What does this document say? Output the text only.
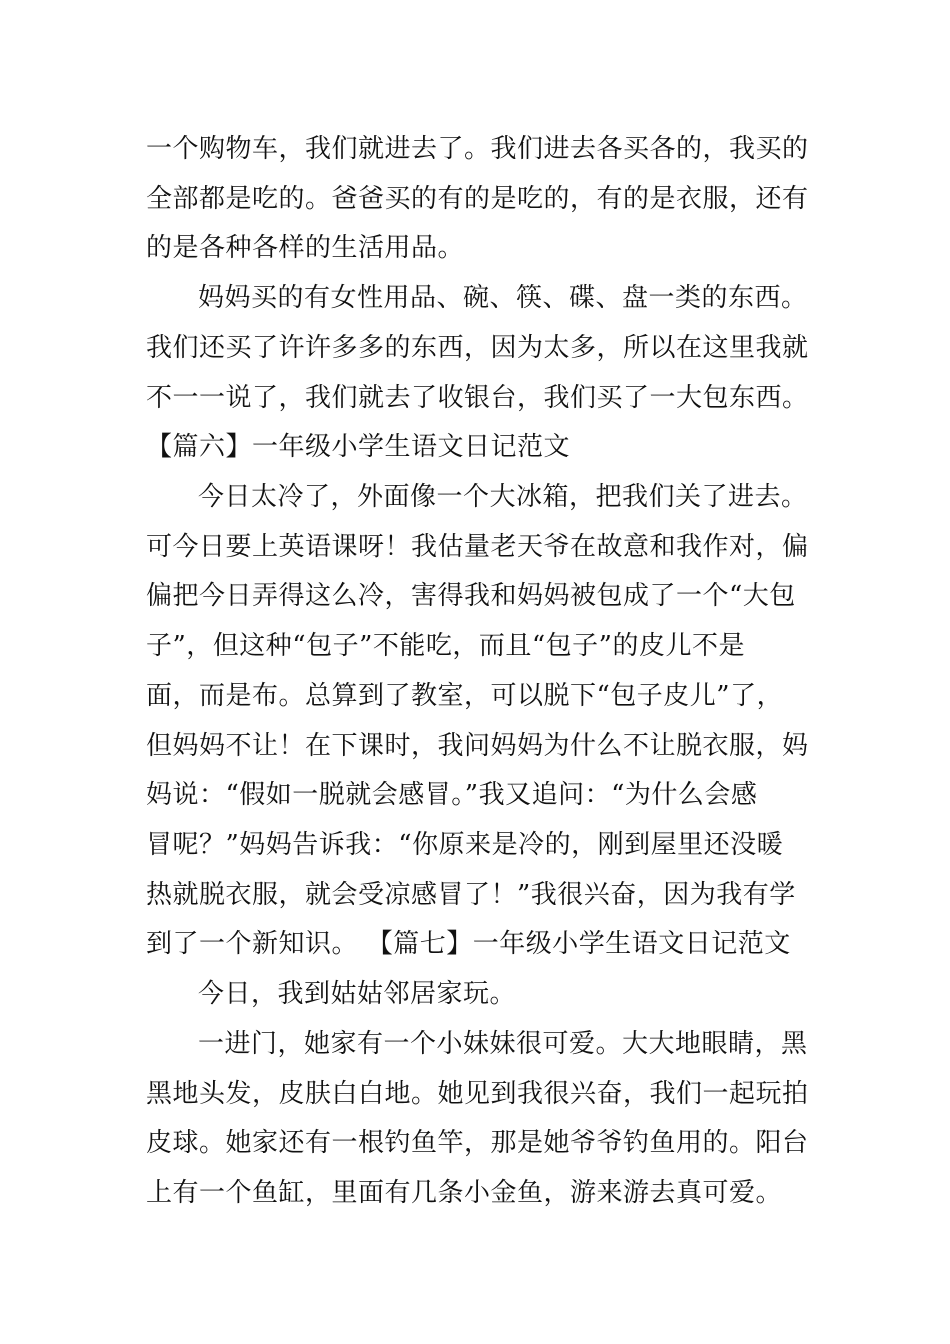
一个购物车，我们就进去了。我们进去各买各的，我买的
全部都是吃的。爸爸买的有的是吃的，有的是衣服，还有
的是各种各样的生活用品。
妈妈买的有女性用品、碗、筷、碟、盘一类的东西。
我们还买了许许多多的东西，因为太多，所以在这里我就
不一一说了，我们就去了收银台，我们买了一大包东西。
【篇六】一年级小学生语文日记范文
今日太冷了，外面像一个大冰箱，把我们关了进去。
可今日要上英语课呀！我估量老天爷在故意和我作对，偏
偏把今日弄得这么冷，害得我和妈妈被包成了一个“大包
子”，但这种“包子”不能吃，而且“包子”的皮儿不是
面，而是布。总算到了教室，可以脱下“包子皮儿”了，
但妈妈不让！在下课时，我问妈妈为什么不让脱衣服，妈
妈说：“假如一脱就会感冒。”我又追问：“为什么会感
冒呢？”妈妈告诉我：“你原来是冷的，刚到屋里还没暖
热就脱衣服，就会受凉感冒了！”我很兴奋，因为我有学
到了一个新知识。 【篇七】一年级小学生语文日记范文
今日，我到姑姑邻居家玩。
一进门，她家有一个小妹妹很可爱。大大地眼睛，黑
黑地头发，皮肤白白地。她见到我很兴奋，我们一起玩拍
皮球。她家还有一根钓鱼竿，那是她爷爷钓鱼用的。阳台
上有一个鱼缸，里面有几条小金鱼，游来游去真可爱。
